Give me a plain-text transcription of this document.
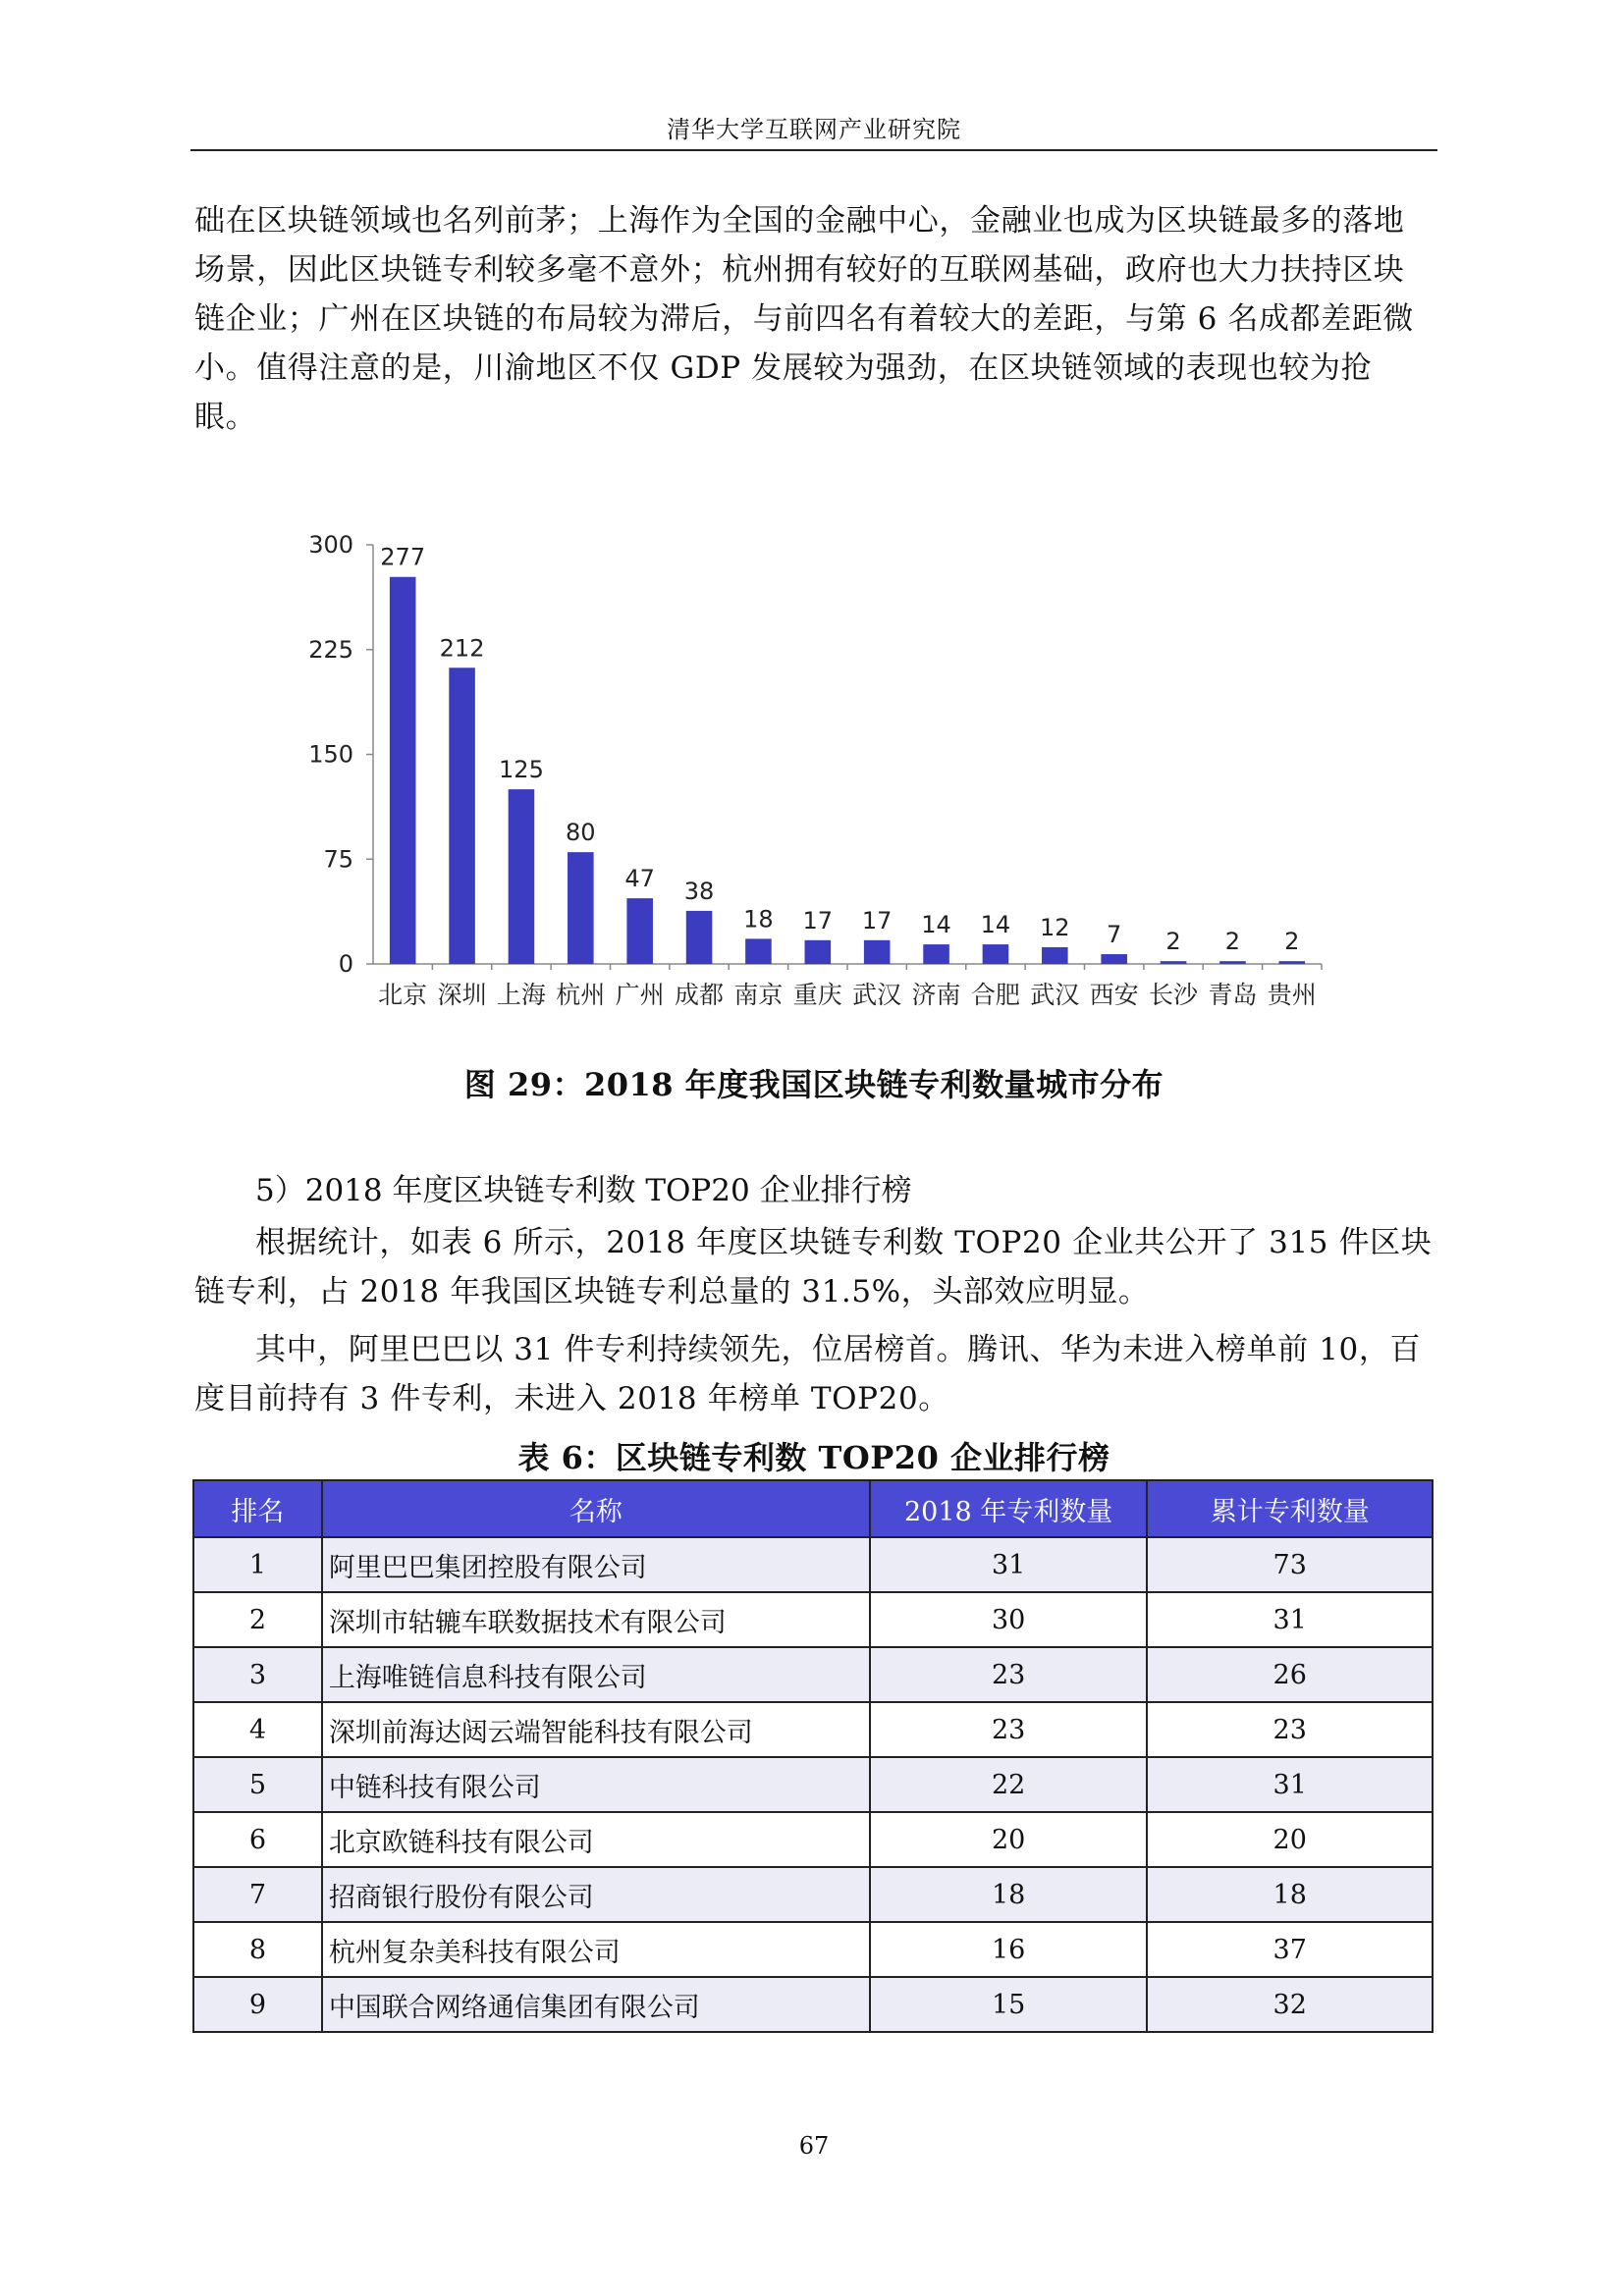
清华大学互联网产业研究院

础在区块链领域也名列前茅；上海作为全国的金融中心，金融业也成为区块链最多的落地场景，因此区块链专利较多毫不意外；杭州拥有较好的互联网基础，政府也大力扶持区块链企业；广州在区块链的布局较为滞后，与前四名有着较大的差距，与第 6 名成都差距微小。值得注意的是，川渝地区不仅 GDP 发展较为强劲，在区块链领域的表现也较为抢眼。

0
75
150
225
300 277
北京
212
深圳
125
上海
80
杭州
47
广州
38
成都
18
南京
17
重庆
17
武汉
14
济南
14
合肥
12
武汉
7
西安
2
长沙
2
青岛
2
贵州
图 29：2018 年度我国区块链专利数量城市分布
5）2018 年度区块链专利数 TOP20 企业排行榜

根据统计，如表 6 所示，2018 年度区块链专利数 TOP20 企业共公开了 315 件区块链专利，占 2018 年我国区块链专利总量的 31.5%，头部效应明显。

其中，阿里巴巴以 31 件专利持续领先，位居榜首。腾讯、华为未进入榜单前 10，百度目前持有 3 件专利，未进入 2018 年榜单 TOP20。

表 6：区块链专利数 TOP20 企业排行榜
排名	名称	2018 年专利数量	累计专利数量
1	阿里巴巴集团控股有限公司	31	73
2	深圳市轱辘车联数据技术有限公司	30	31
3	上海唯链信息科技有限公司	23	26
4	深圳前海达闼云端智能科技有限公司	23	23
5	中链科技有限公司	22	31
6	北京欧链科技有限公司	20	20
7	招商银行股份有限公司	18	18
8	杭州复杂美科技有限公司	16	37
9	中国联合网络通信集团有限公司	15	32
67
